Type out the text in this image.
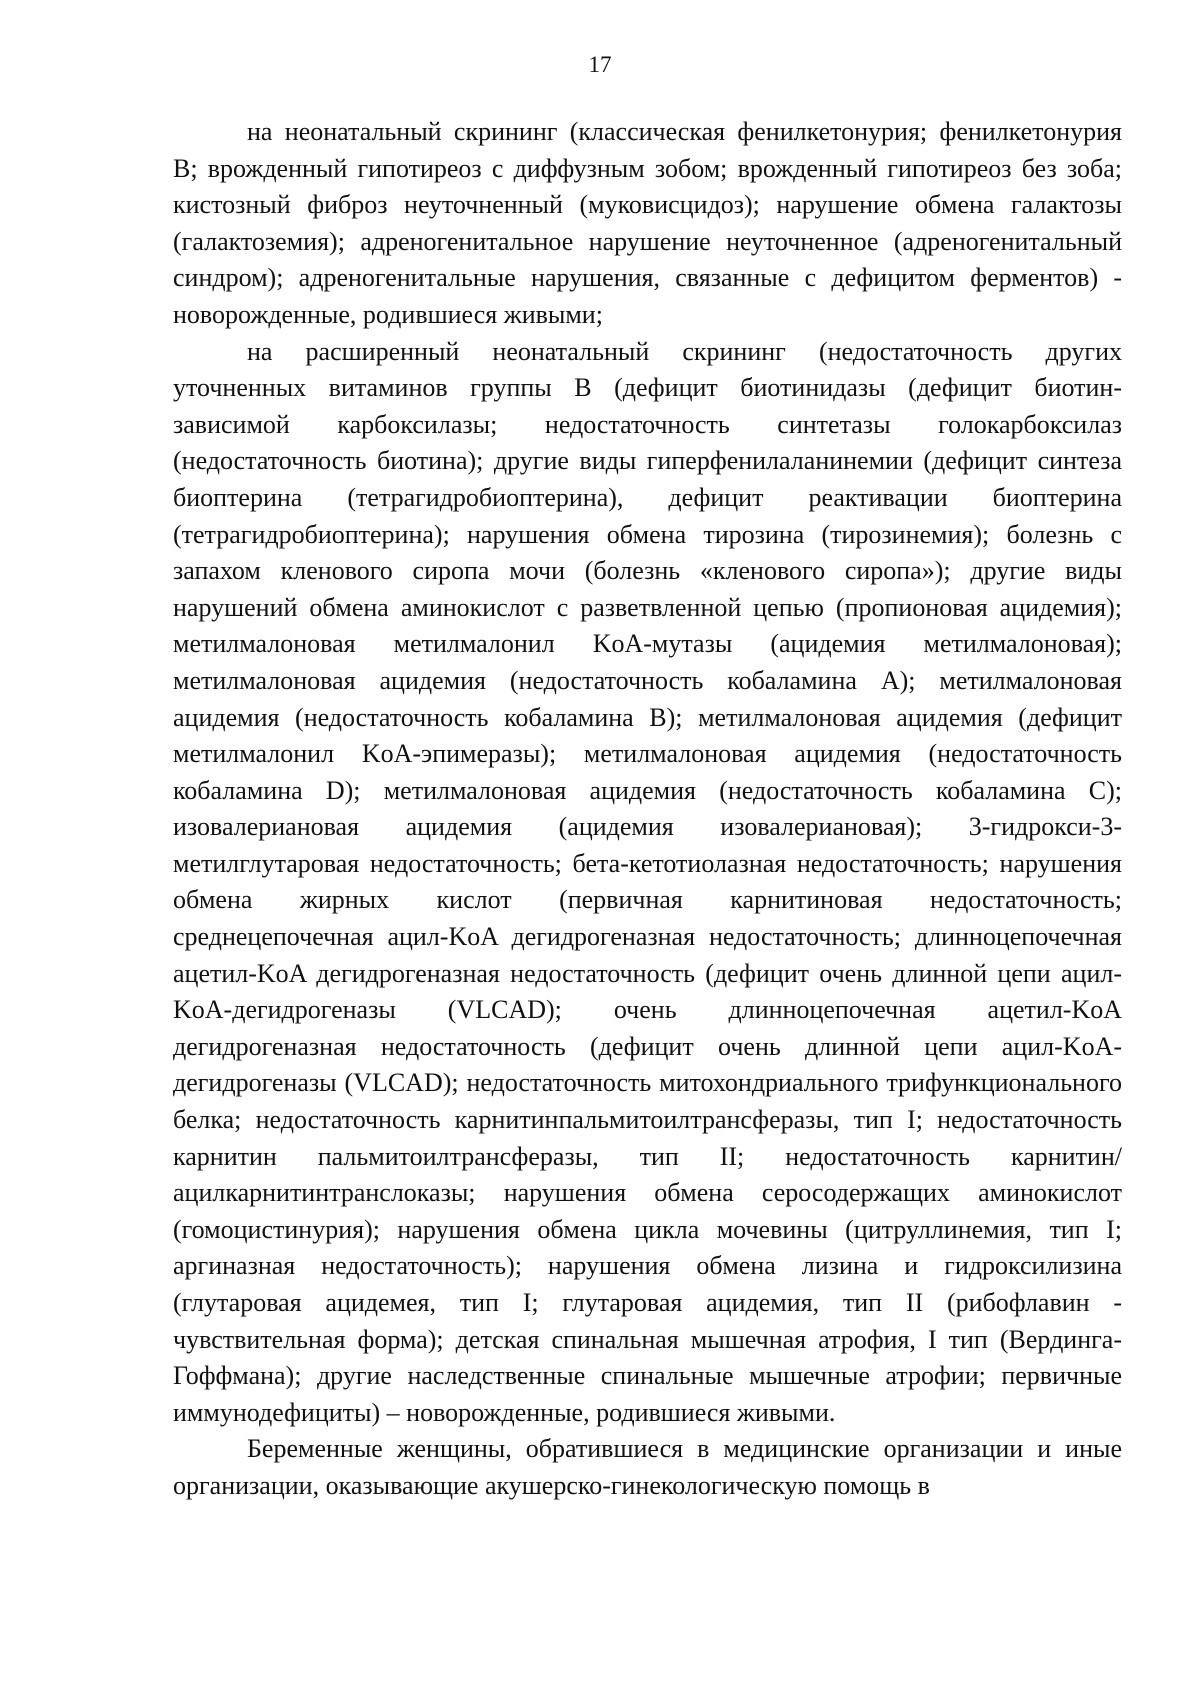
17

на неонатальный скрининг (классическая фенилкетонурия; фенилкетонурия B; врожденный гипотиреоз с диффузным зобом; врожденный гипотиреоз без зоба; кистозный фиброз неуточненный (муковисцидоз); нарушение обмена галактозы (галактоземия); адреногенитальное нарушение неуточненное (адреногенитальный синдром); адреногенитальные нарушения, связанные с дефицитом ферментов) - новорожденные, родившиеся живыми;

на расширенный неонатальный скрининг (недостаточность других уточненных витаминов группы B (дефицит биотинидазы (дефицит биотин-зависимой карбоксилазы; недостаточность синтетазы голокарбоксилаз (недостаточность биотина); другие виды гиперфенилаланинемии (дефицит синтеза биоптерина (тетрагидробиоптерина), дефицит реактивации биоптерина (тетрагидробиоптерина); нарушения обмена тирозина (тирозинемия); болезнь с запахом кленового сиропа мочи (болезнь «кленового сиропа»); другие виды нарушений обмена аминокислот с разветвленной цепью (пропионовая ацидемия); метилмалоновая метилмалонил KoA-мутазы (ацидемия метилмалоновая); метилмалоновая ацидемия (недостаточность кобаламина A); метилмалоновая ацидемия (недостаточность кобаламина B); метилмалоновая ацидемия (дефицит метилмалонил KoA-эпимеразы); метилмалоновая ацидемия (недостаточность кобаламина D); метилмалоновая ацидемия (недостаточность кобаламина C); изовалериановая ацидемия (ацидемия изовалериановая); 3-гидрокси-3-метилглутаровая недостаточность; бета-кетотиолазная недостаточность; нарушения обмена жирных кислот (первичная карнитиновая недостаточность; среднецепочечная ацил-KoA дегидрогеназная недостаточность; длинноцепочечная ацетил-KoA дегидрогеназная недостаточность (дефицит очень длинной цепи ацил-KoA-дегидрогеназы (VLCAD); очень длинноцепочечная ацетил-KoA дегидрогеназная недостаточность (дефицит очень длинной цепи ацил-KoA-дегидрогеназы (VLCAD); недостаточность митохондриального трифункционального белка; недостаточность карнитинпальмитоилтрансферазы, тип I; недостаточность карнитин пальмитоилтрансферазы, тип II; недостаточность карнитин/ацилкарнитинтранслоказы; нарушения обмена серосодержащих аминокислот (гомоцистинурия); нарушения обмена цикла мочевины (цитруллинемия, тип I; аргиназная недостаточность); нарушения обмена лизина и гидроксилизина (глутаровая ацидемея, тип I; глутаровая ацидемия, тип II (рибофлавин - чувствительная форма); детская спинальная мышечная атрофия, I тип (Вердинга-Гоффмана); другие наследственные спинальные мышечные атрофии; первичные иммунодефициты) – новорожденные, родившиеся живыми.

Беременные женщины, обратившиеся в медицинские организации и иные организации, оказывающие акушерско-гинекологическую помощь в
